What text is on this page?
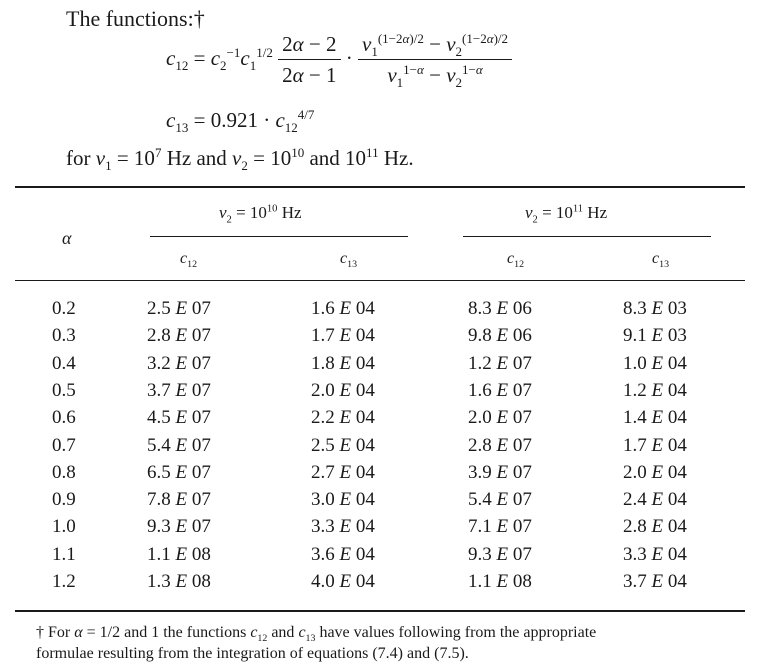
The functions:†
$c_{12} = c_2^{-1}c_1^{1/2} \frac{2\alpha - 2}{2\alpha - 1} \cdot \frac{\nu_1^{(1-2\alpha)/2} - \nu_2^{(1-2\alpha)/2}}{\nu_1^{1-\alpha} - \nu_2^{1-\alpha}}$
$c_{13} = 0.921 \cdot c_{12}^{4/7}$
for $\nu_1 = 10^7$ Hz and $\nu_2 = 10^{10}$ and $10^{11}$ Hz.
α
$\nu_2 = 10^{10}$ Hz	$\nu_2 = 10^{11}$ Hz
$c_{12}$	$c_{13}$	$c_{12}$	$c_{13}$
0.2	2.5 E 07	1.6 E 04	8.3 E 06	8.3 E 03
0.3	2.8 E 07	1.7 E 04	9.8 E 06	9.1 E 03
0.4	3.2 E 07	1.8 E 04	1.2 E 07	1.0 E 04
0.5	3.7 E 07	2.0 E 04	1.6 E 07	1.2 E 04
0.6	4.5 E 07	2.2 E 04	2.0 E 07	1.4 E 04
0.7	5.4 E 07	2.5 E 04	2.8 E 07	1.7 E 04
0.8	6.5 E 07	2.7 E 04	3.9 E 07	2.0 E 04
0.9	7.8 E 07	3.0 E 04	5.4 E 07	2.4 E 04
1.0	9.3 E 07	3.3 E 04	7.1 E 07	2.8 E 04
1.1	1.1 E 08	3.6 E 04	9.3 E 07	3.3 E 04
1.2	1.3 E 08	4.0 E 04	1.1 E 08	3.7 E 04
† For α = 1/2 and 1 the functions $c_{12}$ and $c_{13}$ have values following from the appropriate
formulae resulting from the integration of equations (7.4) and (7.5).
